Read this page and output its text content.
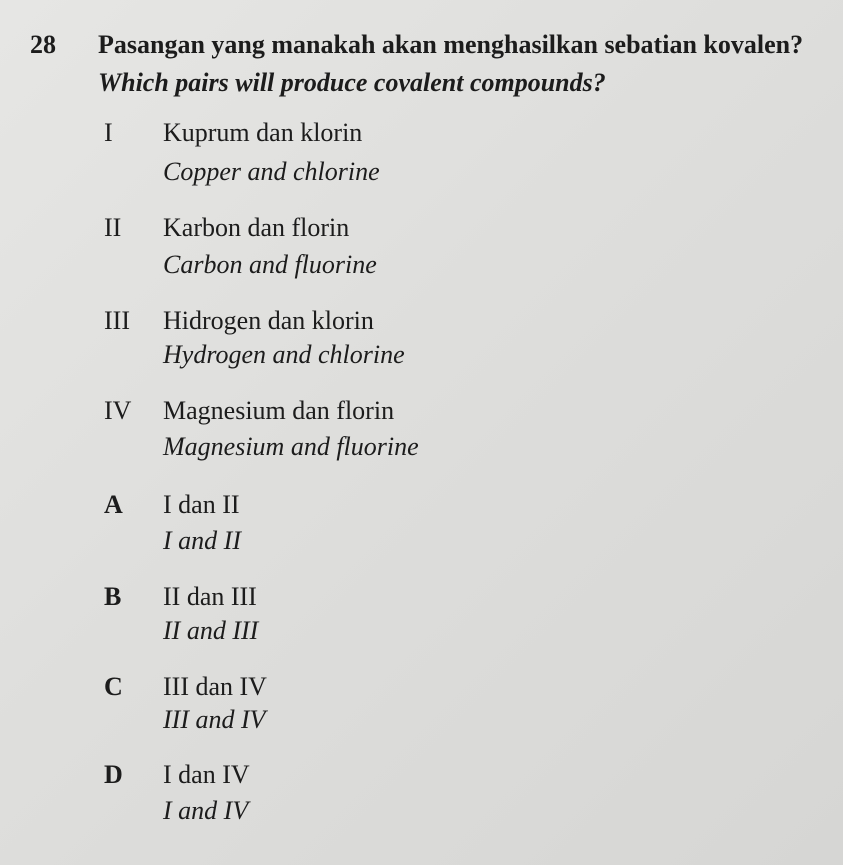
28 Pasangan yang manakah akan menghasilkan sebatian kovalen?
Which pairs will produce covalent compounds?
I Kuprum dan klorin
Copper and chlorine
II Karbon dan florin
Carbon and fluorine
III Hidrogen dan klorin
Hydrogen and chlorine
IV Magnesium dan florin
Magnesium and fluorine
A I dan II
I and II
B II dan III
II and III
C III dan IV
III and IV
D I dan IV
I and IV
